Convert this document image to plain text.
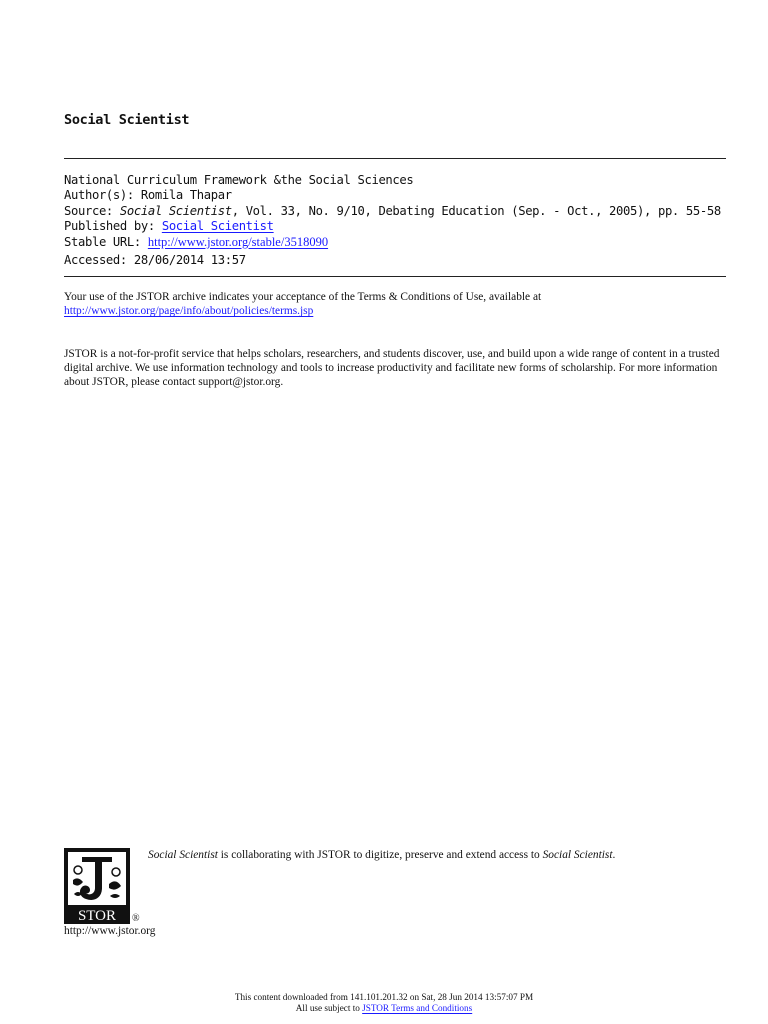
Social Scientist
National Curriculum Framework &the Social Sciences
Author(s): Romila Thapar
Source: Social Scientist, Vol. 33, No. 9/10, Debating Education (Sep. - Oct., 2005), pp. 55-58
Published by: Social Scientist
Stable URL: http://www.jstor.org/stable/3518090
Accessed: 28/06/2014 13:57
Your use of the JSTOR archive indicates your acceptance of the Terms & Conditions of Use, available at
http://www.jstor.org/page/info/about/policies/terms.jsp
JSTOR is a not-for-profit service that helps scholars, researchers, and students discover, use, and build upon a wide range of content in a trusted digital archive. We use information technology and tools to increase productivity and facilitate new forms of scholarship. For more information about JSTOR, please contact support@jstor.org.
STOR ®
Social Scientist is collaborating with JSTOR to digitize, preserve and extend access to Social Scientist.
http://www.jstor.org
This content downloaded from 141.101.201.32 on Sat, 28 Jun 2014 13:57:07 PM
All use subject to JSTOR Terms and Conditions
